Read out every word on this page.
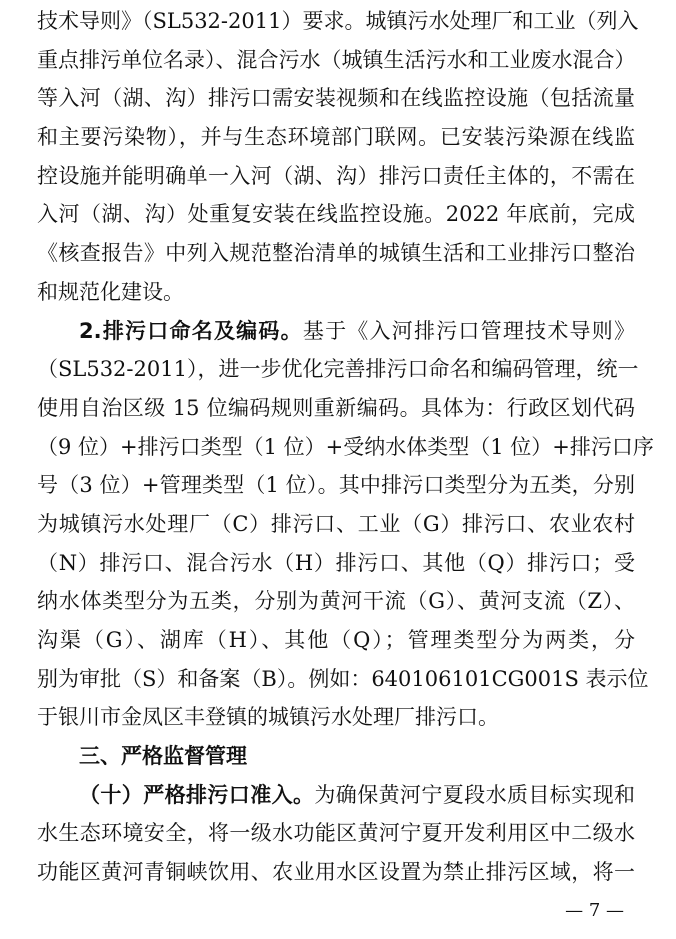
技术导则》（SL532-2011）要求。城镇污水处理厂和工业（列入
重点排污单位名录）、混合污水（城镇生活污水和工业废水混合）
等入河（湖、沟）排污口需安装视频和在线监控设施（包括流量
和主要污染物），并与生态环境部门联网。已安装污染源在线监
控设施并能明确单一入河（湖、沟）排污口责任主体的，不需在
入河（湖、沟）处重复安装在线监控设施。2022 年底前，完成
《核查报告》中列入规范整治清单的城镇生活和工业排污口整治
和规范化建设。
2.排污口命名及编码。基于《入河排污口管理技术导则》
（SL532-2011），进一步优化完善排污口命名和编码管理，统一
使用自治区级 15 位编码规则重新编码。具体为：行政区划代码
（9 位）+排污口类型（1 位）+受纳水体类型（1 位）+排污口序
号（3 位）+管理类型（1 位）。其中排污口类型分为五类，分别
为城镇污水处理厂（C）排污口、工业（G）排污口、农业农村
（N）排污口、混合污水（H）排污口、其他（Q）排污口；受
纳水体类型分为五类，分别为黄河干流（G）、黄河支流（Z）、
沟渠（G）、湖库（H）、其他（Q）；管理类型分为两类，分
别为审批（S）和备案（B）。例如：640106101CG001S 表示位
于银川市金凤区丰登镇的城镇污水处理厂排污口。
三、严格监督管理
（十）严格排污口准入。为确保黄河宁夏段水质目标实现和
水生态环境安全，将一级水功能区黄河宁夏开发利用区中二级水
功能区黄河青铜峡饮用、农业用水区设置为禁止排污区域，将一
— 7 —
